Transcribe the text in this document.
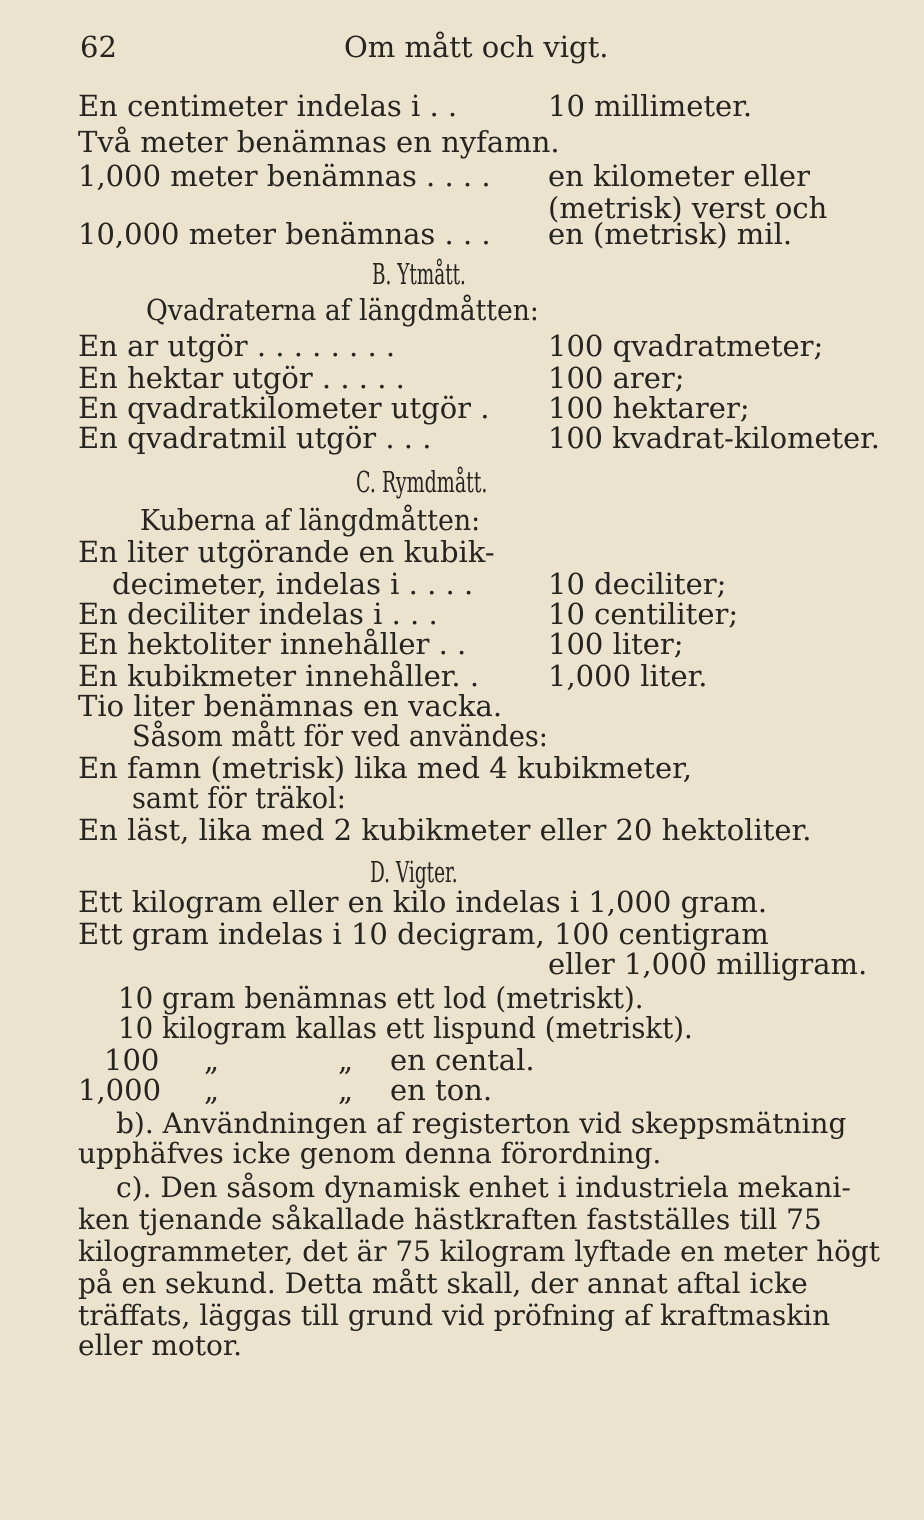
62	Om mått och vigt.
En centimeter indelas i . .	10 millimeter.
Två meter benämnas en nyfamn.
1,000 meter benämnas . . . . en kilometer eller
(metrisk) verst och
10,000 meter benämnas . . . en (metrisk) mil.
B. Ytmått.
Qvadraterna af längdmåtten:
En ar utgör . . . . . . . .	100 qvadratmeter;
En hektar utgör . . . . .	100 arer;
En qvadratkilometer utgör . 100 hektarer;
En qvadratmil utgör . . .	100 kvadrat-kilometer.
C. Rymdmått.
Kuberna af längdmåtten:
En liter utgörande en kubik-
decimeter, indelas i . . . .	10 deciliter;
En deciliter indelas i . . .	10 centiliter;
En hektoliter innehåller . .	100 liter;
En kubikmeter innehåller. . 1,000 liter.
Tio liter benämnas en vacka.
Såsom mått för ved användes:
En famn (metrisk) lika med 4 kubikmeter,
samt för träkol:
En läst, lika med 2 kubikmeter eller 20 hektoliter.
D. Vigter.
Ett kilogram eller en kilo indelas i 1,000 gram.
Ett gram indelas i 10 decigram, 100 centigram
eller 1,000 milligram.
10 gram benämnas ett lod (metriskt).
10 kilogram kallas ett lispund (metriskt).
100 „	„ en cental.
1,000 „	„ en ton.
b). Användningen af registerton vid skeppsmätning
upphäfves icke genom denna förordning.
c). Den såsom dynamisk enhet i industriela mekani-
ken tjenande såkallade hästkraften fastställes till 75
kilogrammeter, det är 75 kilogram lyftade en meter högt
på en sekund. Detta mått skall, der annat aftal icke
träffats, läggas till grund vid pröfning af kraftmaskin
eller motor.
